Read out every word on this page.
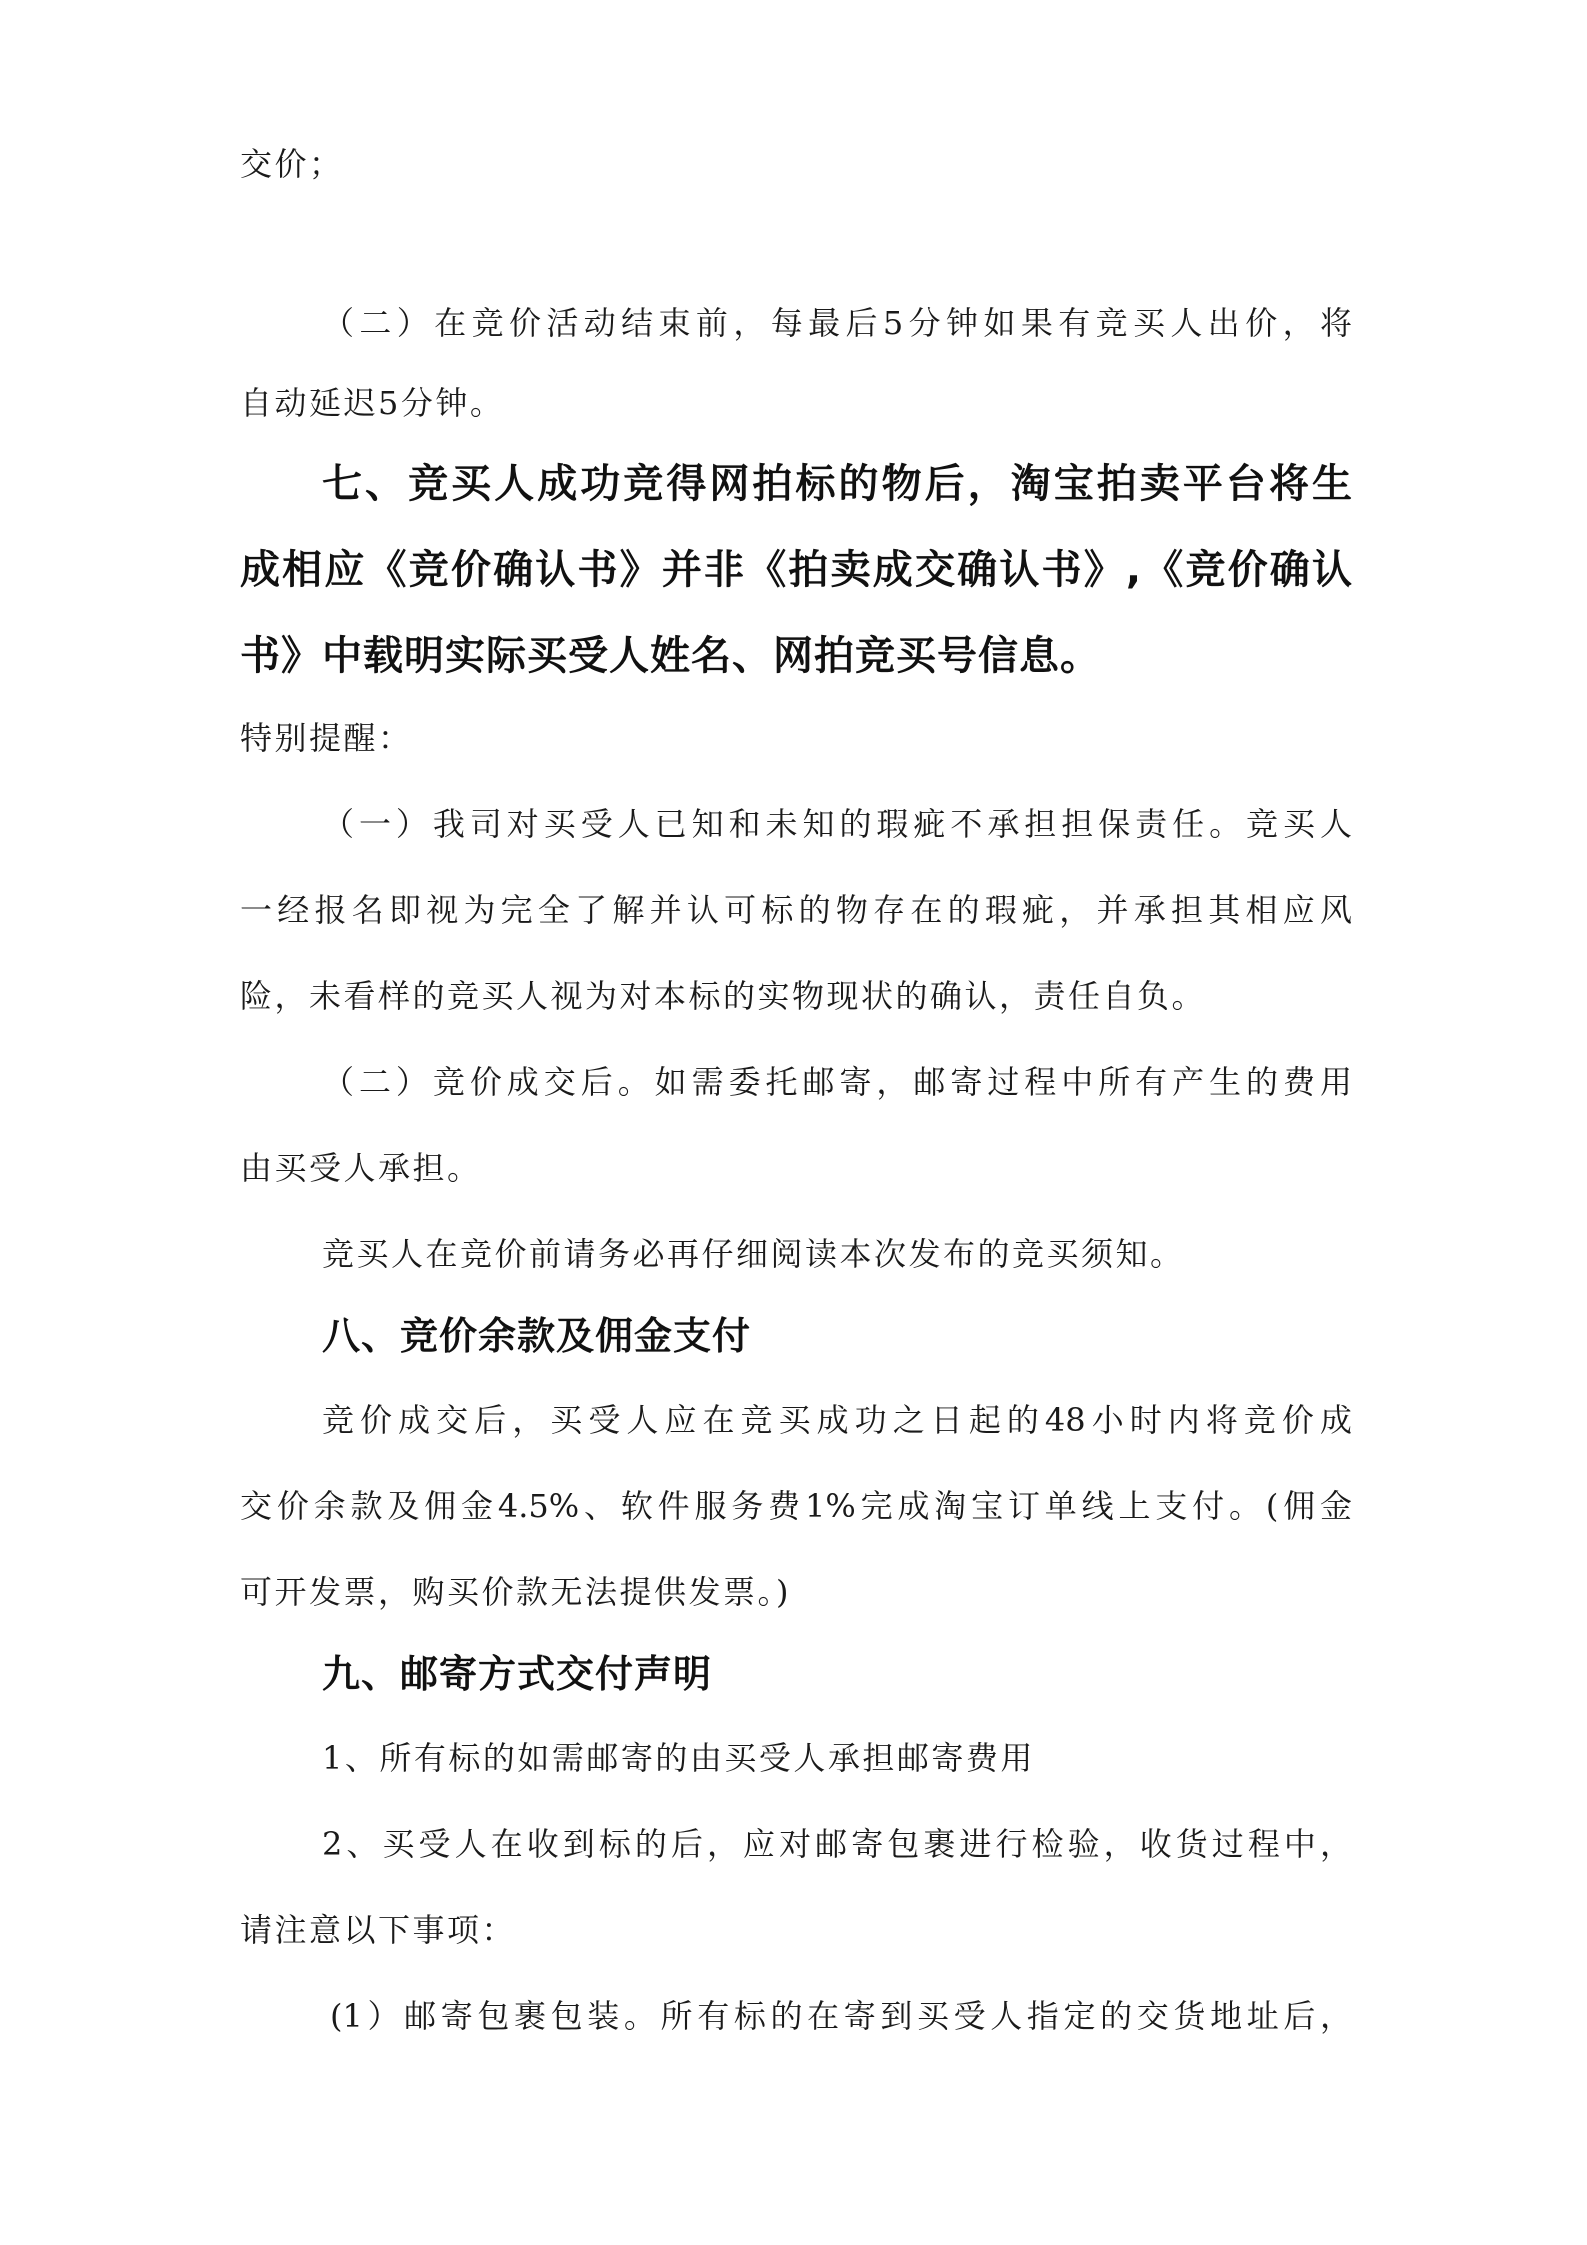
交价；
（二）在竞价活动结束前，每最后5分钟如果有竞买人出价，将
自动延迟5分钟。
七、竞买人成功竞得网拍标的物后，淘宝拍卖平台将生
成相应《竞价确认书》并非《拍卖成交确认书》,《竞价确认
书》中载明实际买受人姓名、网拍竞买号信息。
特别提醒：
（一）我司对买受人已知和未知的瑕疵不承担担保责任。竞买人
一经报名即视为完全了解并认可标的物存在的瑕疵，并承担其相应风
险，未看样的竞买人视为对本标的实物现状的确认，责任自负。
（二）竞价成交后。如需委托邮寄，邮寄过程中所有产生的费用
由买受人承担。
竞买人在竞价前请务必再仔细阅读本次发布的竞买须知。
八、竞价余款及佣金支付
竞价成交后，买受人应在竞买成功之日起的48小时内将竞价成
交价余款及佣金4.5%、软件服务费1%完成淘宝订单线上支付。(佣金
可开发票，购买价款无法提供发票。)
九、邮寄方式交付声明
1、所有标的如需邮寄的由买受人承担邮寄费用
2、买受人在收到标的后，应对邮寄包裹进行检验，收货过程中，
请注意以下事项：
(1）邮寄包裹包装。所有标的在寄到买受人指定的交货地址后，
